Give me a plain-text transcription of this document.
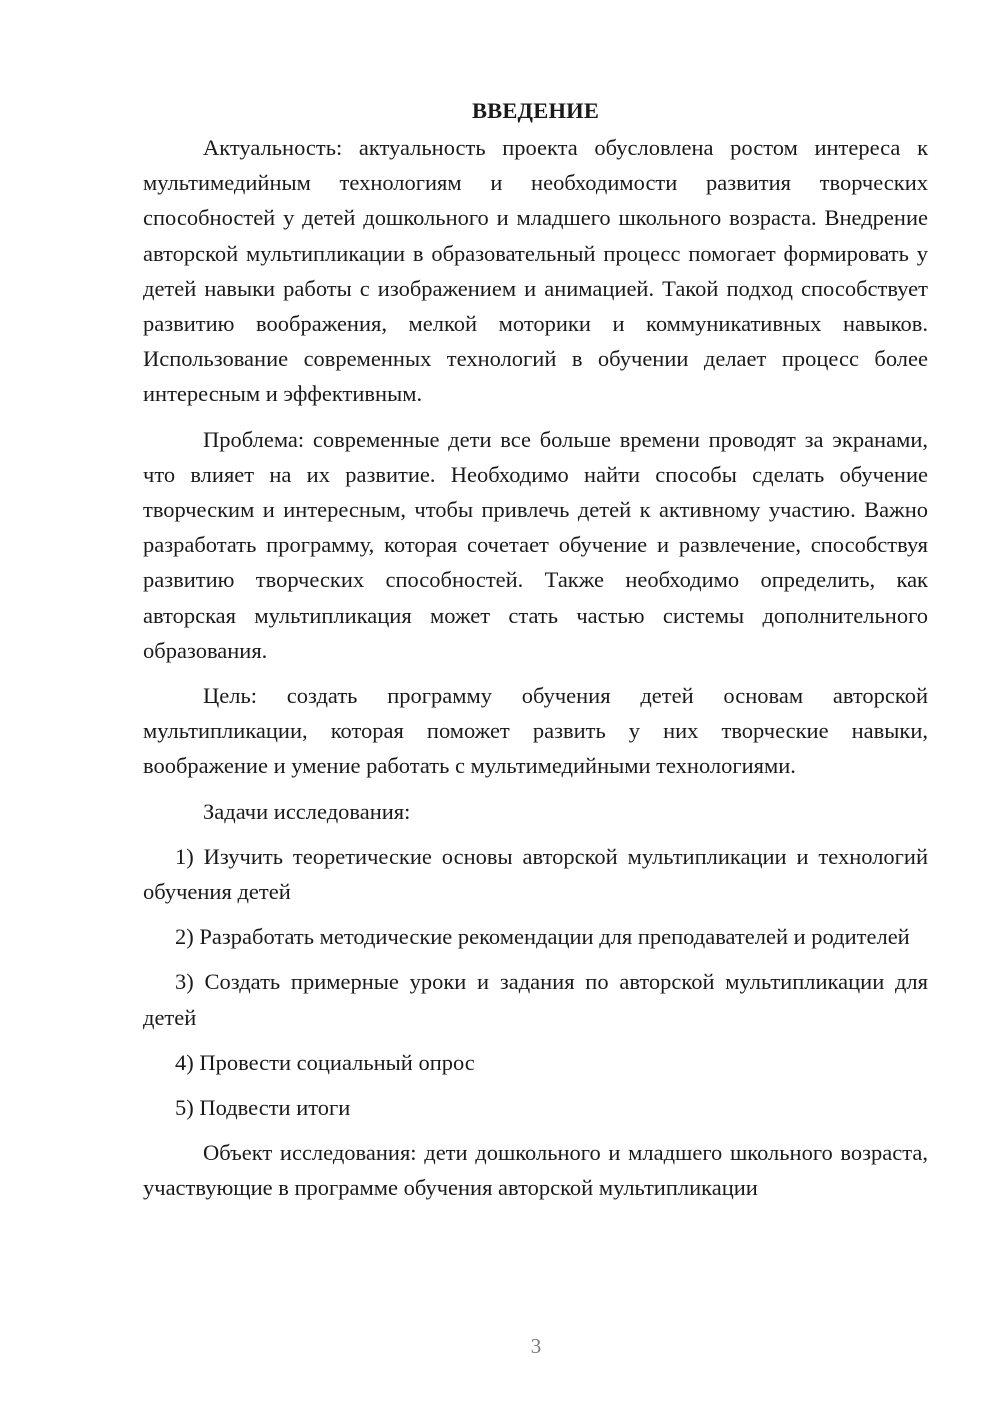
ВВЕДЕНИЕ

Актуальность: актуальность проекта обусловлена ростом интереса к мультимедийным технологиям и необходимости развития творческих способностей у детей дошкольного и младшего школьного возраста. Внедрение авторской мультипликации в образовательный процесс помогает формировать у детей навыки работы с изображением и анимацией. Такой подход способствует развитию воображения, мелкой моторики и коммуникативных навыков. Использование современных технологий в обучении делает процесс более интересным и эффективным.

Проблема: современные дети все больше времени проводят за экранами, что влияет на их развитие. Необходимо найти способы сделать обучение творческим и интересным, чтобы привлечь детей к активному участию. Важно разработать программу, которая сочетает обучение и развлечение, способствуя развитию творческих способностей. Также необходимо определить, как авторская мультипликация может стать частью системы дополнительного образования.

Цель: создать программу обучения детей основам авторской мультипликации, которая поможет развить у них творческие навыки, воображение и умение работать с мультимедийными технологиями.

Задачи исследования:

1) Изучить теоретические основы авторской мультипликации и технологий обучения детей

2) Разработать методические рекомендации для преподавателей и родителей

3) Создать примерные уроки и задания по авторской мультипликации для детей

4) Провести социальный опрос

5) Подвести итоги

Объект исследования: дети дошкольного и младшего школьного возраста, участвующие в программе обучения авторской мультипликации

3
